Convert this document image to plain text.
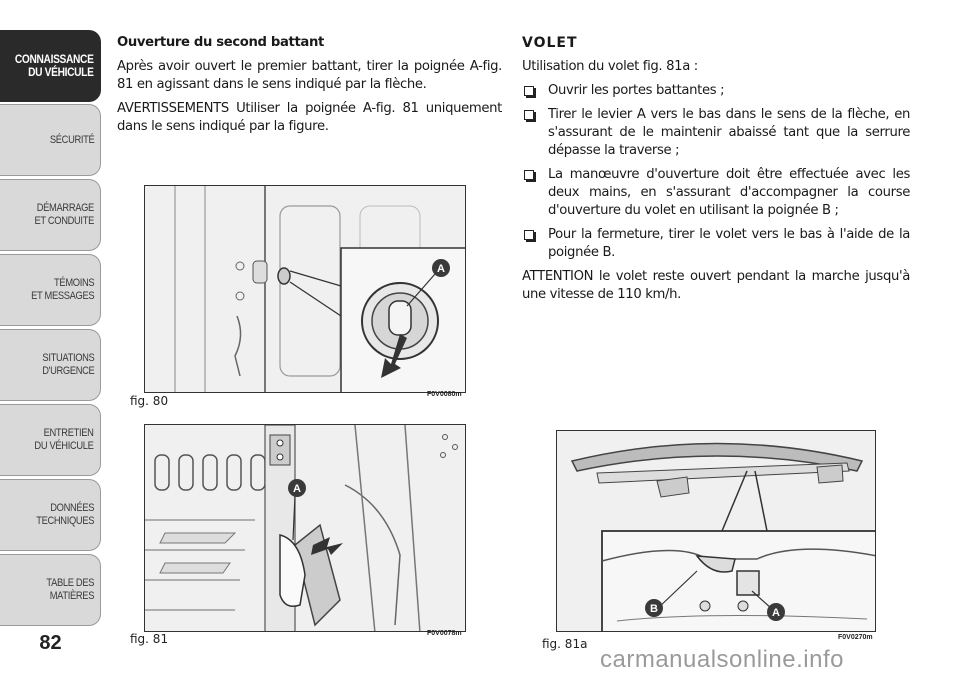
CONNAISSANCE
DU VÉHICULE
SÉCURITÉ
DÉMARRAGE
ET CONDUITE
TÉMOINS
ET MESSAGES
SITUATIONS
D'URGENCE
ENTRETIEN
DU VÉHICULE
DONNÉES
TECHNIQUES
TABLE DES
MATIÈRES
82

Ouverture du second battant

Après avoir ouvert le premier battant, tirer la poignée A-fig. 81 en agissant dans le sens indiqué par la flèche.

AVERTISSEMENTS Utiliser la poignée A-fig. 81 uniquement dans le sens indiqué par la figure.

VOLET

Utilisation du volet fig. 81a :

Ouvrir les portes battantes ;
Tirer le levier A vers le bas dans le sens de la flèche, en s'assurant de le maintenir abaissé tant que la serrure dépasse la traverse ;
La manœuvre d'ouverture doit être effectuée avec les deux mains, en s'assurant d'accompagner la course d'ouverture du volet en utilisant la poignée B ;
Pour la fermeture, tirer le volet vers le bas à l'aide de la poignée B.

ATTENTION le volet reste ouvert pendant la marche jusqu'à une vitesse de 110 km/h.

A
fig. 80	F0V0080m
A
fig. 81	F0V0078m
B	A
fig. 81a	F0V0270m
carmanualsonline.info
